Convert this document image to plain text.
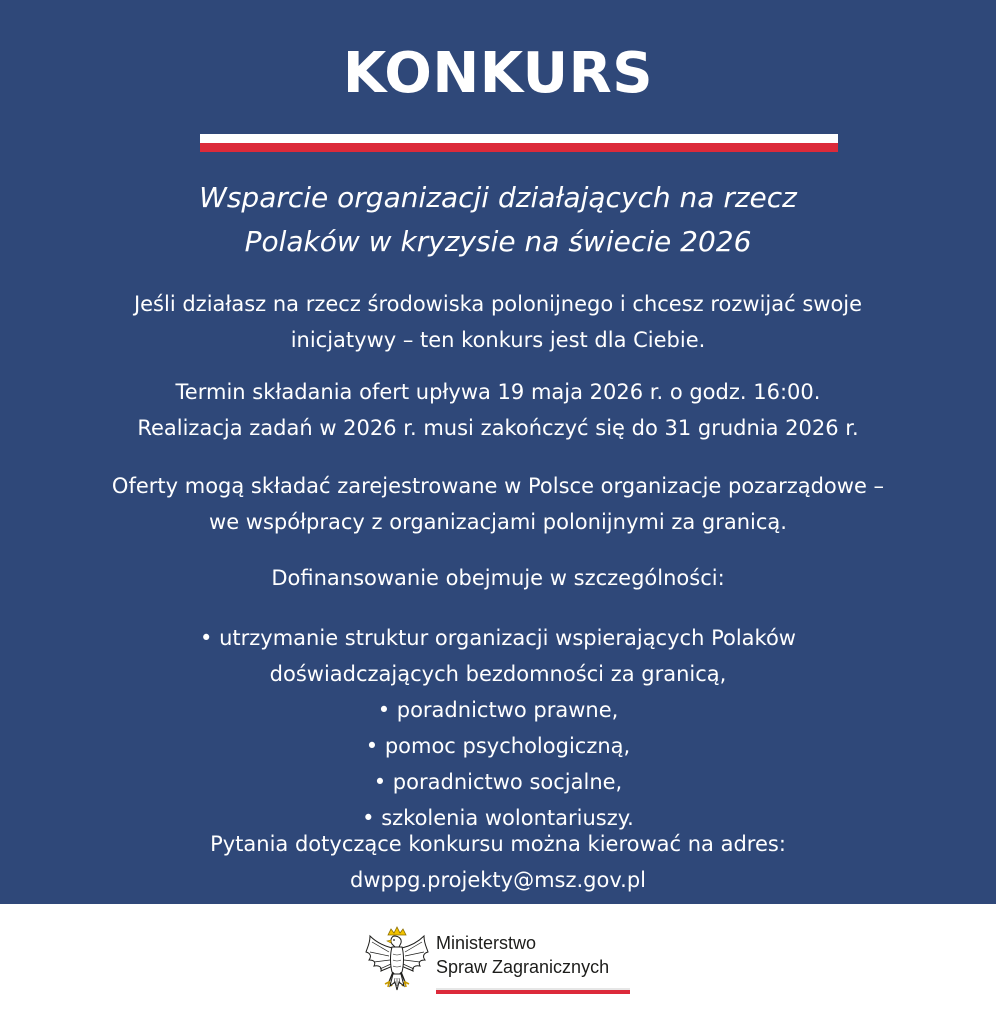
KONKURS
Wsparcie organizacji działających na rzecz
Polaków w kryzysie na świecie 2026
Jeśli działasz na rzecz środowiska polonijnego i chcesz rozwijać swoje
inicjatywy – ten konkurs jest dla Ciebie.
Termin składania ofert upływa 19 maja 2026 r. o godz. 16:00.
Realizacja zadań w 2026 r. musi zakończyć się do 31 grudnia 2026 r.
Oferty mogą składać zarejestrowane w Polsce organizacje pozarządowe –
we współpracy z organizacjami polonijnymi za granicą.
Dofinansowanie obejmuje w szczególności:
• utrzymanie struktur organizacji wspierających Polaków
doświadczających bezdomności za granicą,
• poradnictwo prawne,
• pomoc psychologiczną,
• poradnictwo socjalne,
• szkolenia wolontariuszy.
Pytania dotyczące konkursu można kierować na adres:
dwppg.projekty@msz.gov.pl
Ministerstwo
Spraw Zagranicznych
